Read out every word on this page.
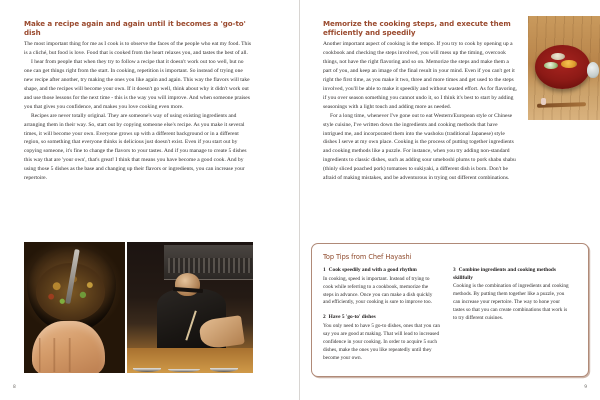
Make a recipe again and again until it becomes a 'go-to' dish

The most important thing for me as I cook is to observe the faces of the people who eat my food. This is a cliché, but food is love. Food that is cooked from the heart relaxes you, and tastes the best of all.

I hear from people that when they try to follow a recipe that it doesn't work out too well, but no one can get things right from the start. In cooking, repetition is important. So instead of trying one new recipe after another, try making the ones you like again and again. This way the flavors will take shape, and the recipes will become your own. If it doesn't go well, think about why it didn't work out and use those lessons for the next time - this is the way you will improve. And when someone praises you that gives you confidence, and makes you love cooking even more.

Recipes are never totally original. They are someone's way of using existing ingredients and arranging them in their way. So, start out by copying someone else's recipe. As you make it several times, it will become your own. Everyone grows up with a different background or in a different region, so something that everyone thinks is delicious just doesn't exist. Even if you start out by copying someone, it's fine to change the flavors to your tastes. And if you manage to create 5 dishes this way that are 'your own', that's great! I think that means you have become a good cook. And by using those 5 dishes as the base and changing up their flavors or ingredients, you can increase your repertoire.

8
Memorize the cooking steps, and execute them efficiently and speedily

Another important aspect of cooking is the tempo. If you try to cook by opening up a cookbook and checking the steps involved, you will mess up the timing, overcook things, not have the right flavoring and so on. Memorize the steps and make them a part of you, and keep an image of the final result in your mind. Even if you can't get it right the first time, as you make it two, three and more times and get used to the steps involved, you'll be able to make it speedily and without wasted effort. As for flavoring, if you over season something you cannot undo it, so I think it's best to start by adding seasonings with a light touch and adding more as needed.

For a long time, whenever I've gone out to eat Western/European style or Chinese style cuisine, I've written down the ingredients and cooking methods that have intrigued me, and incorporated them into the washoku (traditional Japanese) style dishes I serve at my own place. Cooking is the process of putting together ingredients and cooking methods like a puzzle. For instance, when you try adding non-standard ingredients to classic dishes, such as adding sour umeboshi plums to pork shabu shabu (thinly sliced poached pork) tomatoes to sukiyaki, a different dish is born. Don't be afraid of making mistakes, and be adventurous in trying out different combinations.

Top Tips from Chef Hayashi

1 Cook speedily and with a good rhythm

In cooking, speed is important. Instead of trying to cook while referring to a cookbook, memorize the steps in advance. Once you can make a dish quickly and efficiently, your cooking is sure to improve too.

2 Have 5 'go-to' dishes

You only need to have 5 go-to dishes, ones that you can say you are good at making. That will lead to increased confidence in your cooking. In order to acquire 5 such dishes, make the ones you like repeatedly until they become your own.

3 Combine ingredients and cooking methods skillfully

Cooking is the combination of ingredients and cooking methods. By putting them together like a puzzle, you can increase your repertoire. The way to hone your tastes so that you can create combinations that work is to try different cuisines.

9
